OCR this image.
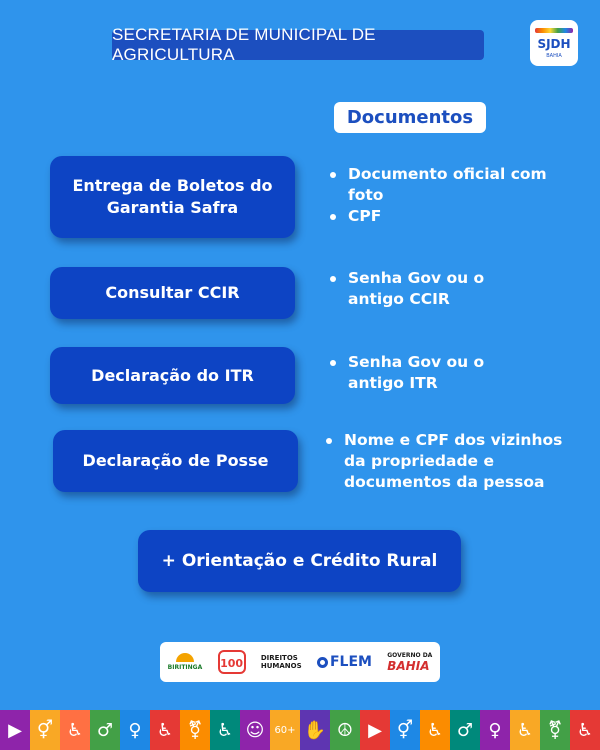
SECRETARIA DE MUNICIPAL DE AGRICULTURA
SJDH
BAHIA
Documentos
Entrega de Boletos do
Garantia Safra
Documento oficial com foto
CPF
Consultar CCIR
Senha Gov ou o antigo CCIR
Declaração do ITR
Senha Gov ou o antigo ITR
Declaração de Posse
Nome e CPF dos vizinhos da propriedade e documentos da pessoa
+ Orientação e Crédito Rural
BIRITINGA 100	DIREITOS
HUMANOS FLEM	GOVERNO DA
BAHIA
▶ ⚥ ♿ ♂ ♀ ♿ ⚧ ♿ ☺	60+ ✋ ☮ ▶ ⚥ ♿ ♂ ♀ ♿ ⚧ ♿
